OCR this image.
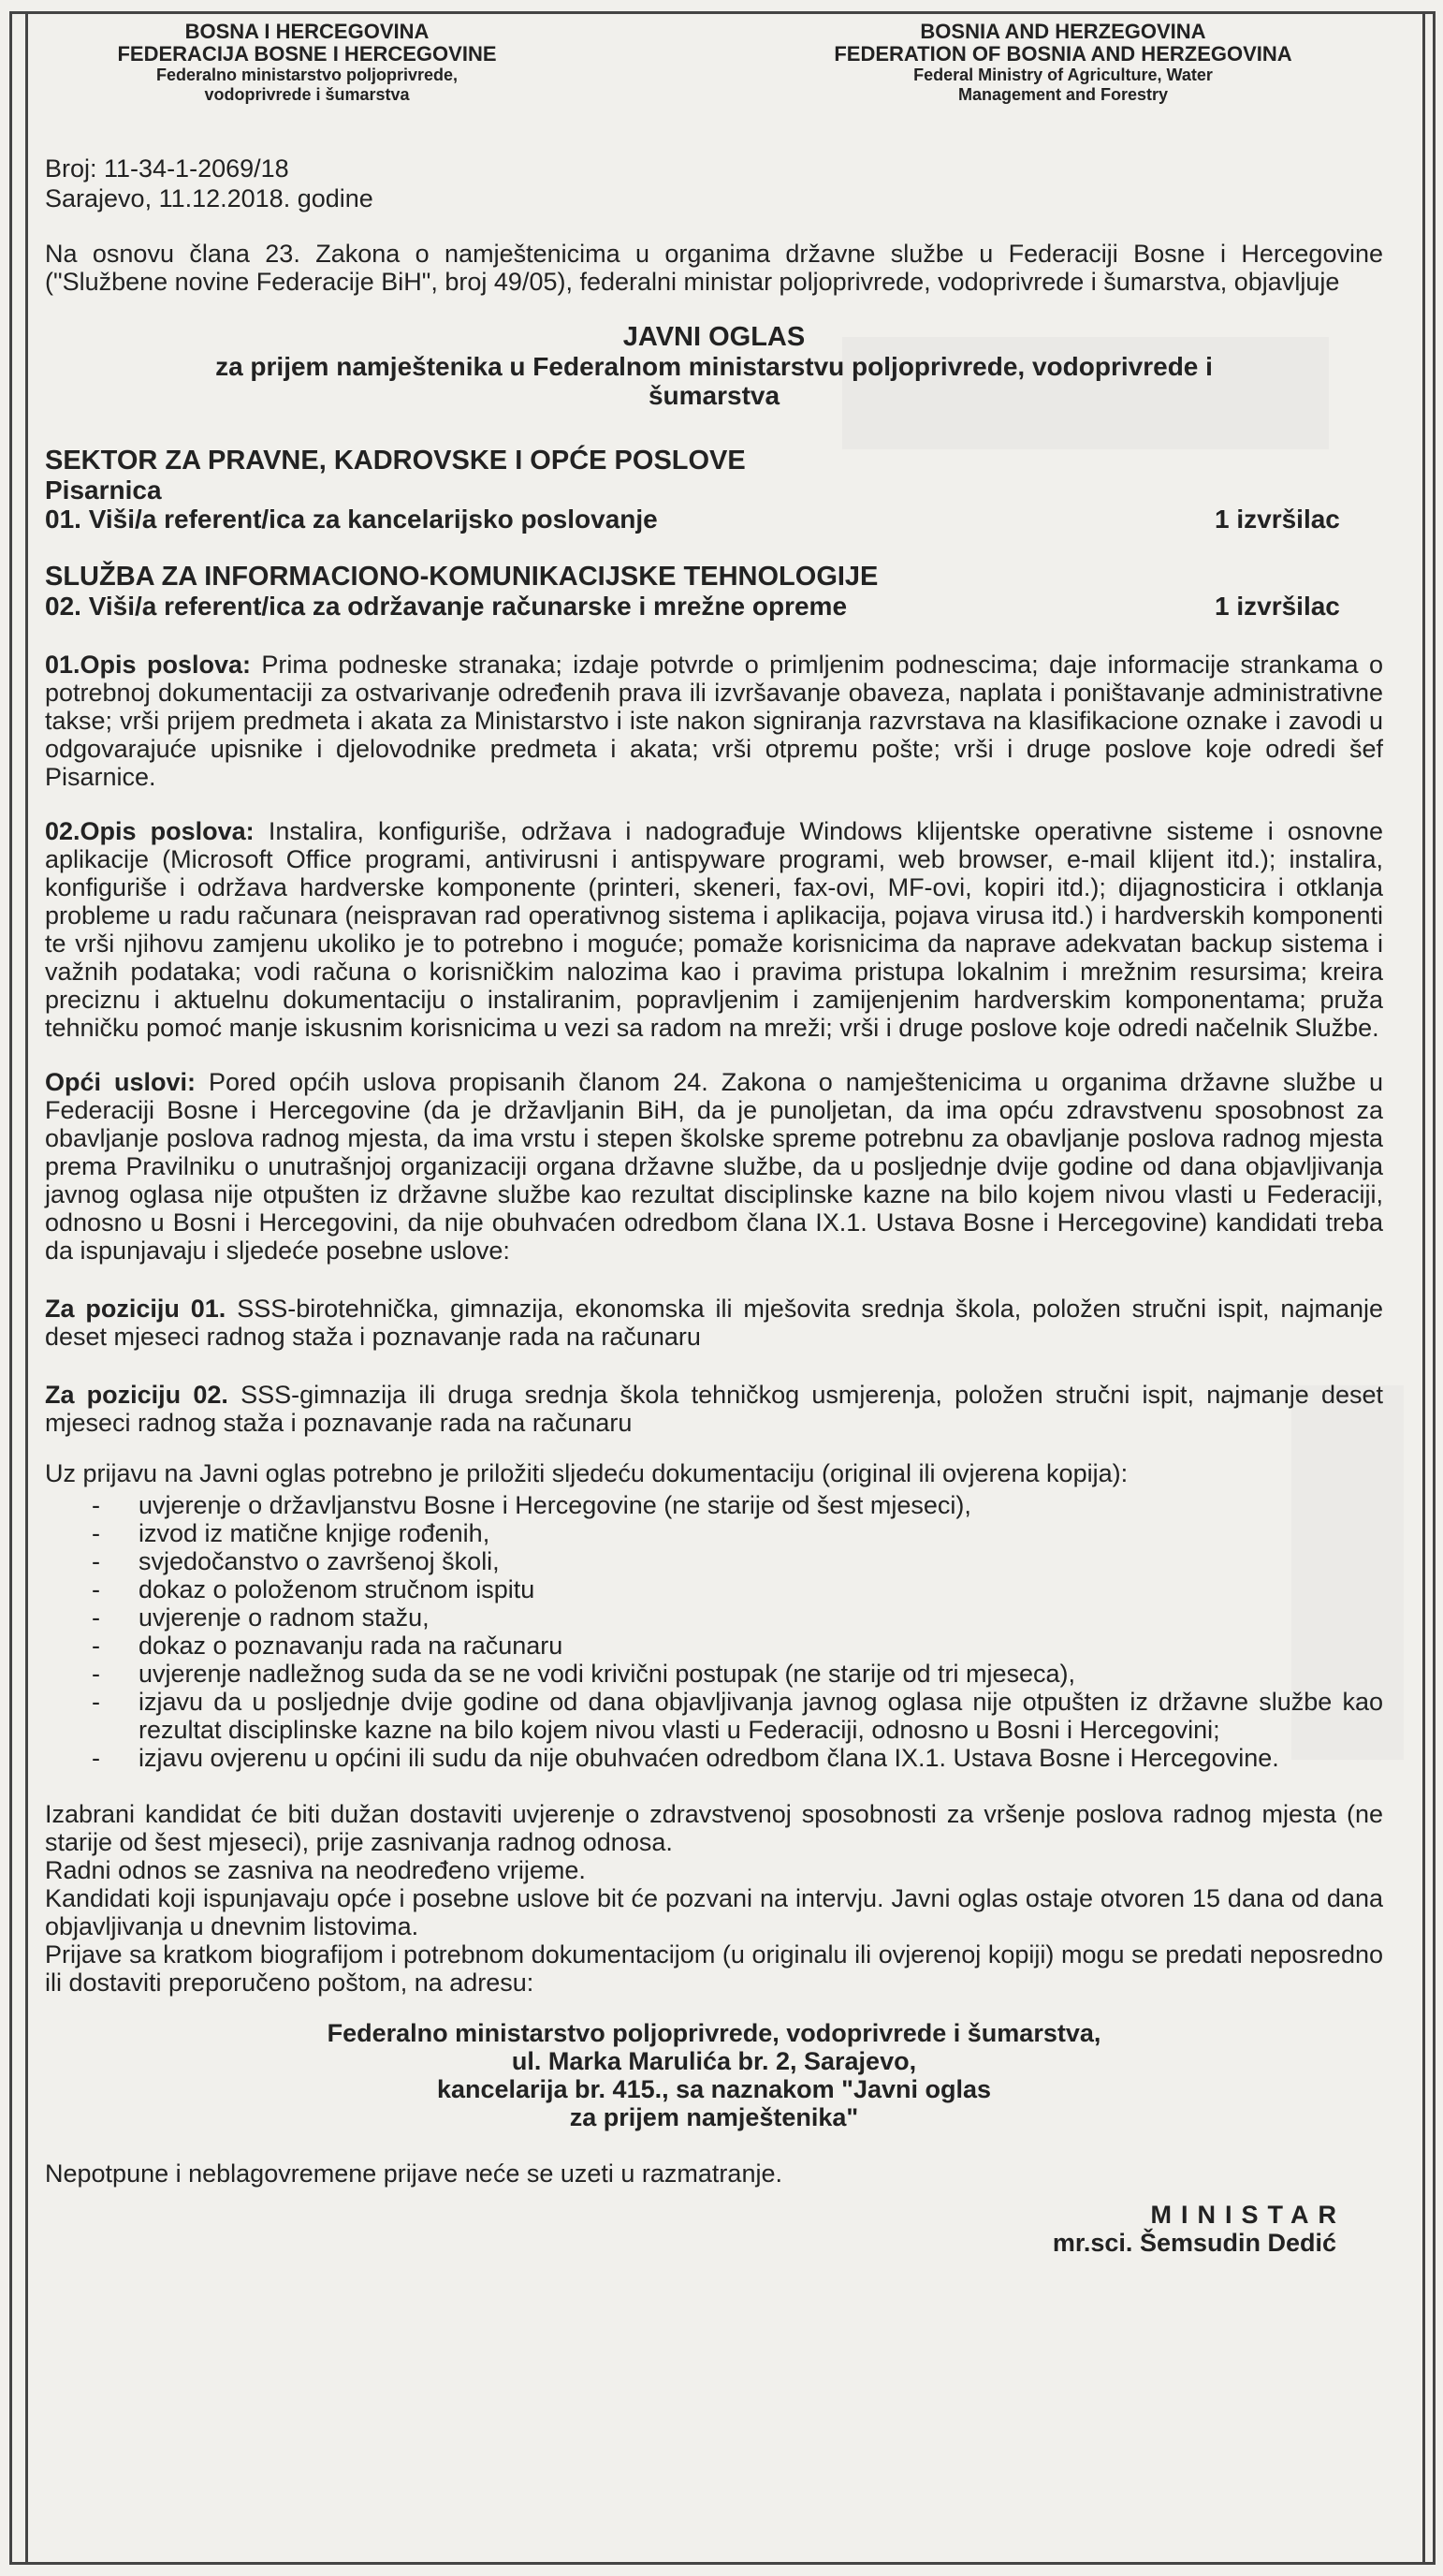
BOSNA I HERCEGOVINA
FEDERACIJA BOSNE I HERCEGOVINE
Federalno ministarstvo poljoprivrede,
vodoprivrede i šumarstva
BOSNIA AND HERZEGOVINA
FEDERATION OF BOSNIA AND HERZEGOVINA
Federal Ministry of Agriculture, Water
Management and Forestry
Broj: 11-34-1-2069/18
Sarajevo, 11.12.2018. godine

Na osnovu člana 23. Zakona o namještenicima u organima državne službe u Federaciji Bosne i Hercegovine ("Službene novine Federacije BiH", broj 49/05), federalni ministar poljoprivrede, vodoprivrede i šumarstva, objavljuje

JAVNI OGLAS
za prijem namještenika u Federalnom ministarstvu poljoprivrede, vodoprivrede i
šumarstva
SEKTOR ZA PRAVNE, KADROVSKE I OPĆE POSLOVE
Pisarnica
01. Viši/a referent/ica za kancelarijsko poslovanje	1 izvršilac
SLUŽBA ZA INFORMACIONO-KOMUNIKACIJSKE TEHNOLOGIJE
02. Viši/a referent/ica za održavanje računarske i mrežne opreme	1 izvršilac

01.Opis poslova: Prima podneske stranaka; izdaje potvrde o primljenim podnescima; daje informacije strankama o potrebnoj dokumentaciji za ostvarivanje određenih prava ili izvršavanje obaveza, naplata i poništavanje administrativne takse; vrši prijem predmeta i akata za Ministarstvo i iste nakon signiranja razvrstava na klasifikacione oznake i zavodi u odgovarajuće upisnike i djelovodnike predmeta i akata; vrši otpremu pošte; vrši i druge poslove koje odredi šef Pisarnice.

02.Opis poslova: Instalira, konfiguriše, održava i nadograđuje Windows klijentske operativne sisteme i osnovne aplikacije (Microsoft Office programi, antivirusni i antispyware programi, web browser, e-mail klijent itd.); instalira, konfiguriše i održava hardverske komponente (printeri, skeneri, fax-ovi, MF-ovi, kopiri itd.); dijagnosticira i otklanja probleme u radu računara (neispravan rad operativnog sistema i aplikacija, pojava virusa itd.) i hardverskih komponenti te vrši njihovu zamjenu ukoliko je to potrebno i moguće; pomaže korisnicima da naprave adekvatan backup sistema i važnih podataka; vodi računa o korisničkim nalozima kao i pravima pristupa lokalnim i mrežnim resursima; kreira preciznu i aktuelnu dokumentaciju o instaliranim, popravljenim i zamijenjenim hardverskim komponentama; pruža tehničku pomoć manje iskusnim korisnicima u vezi sa radom na mreži; vrši i druge poslove koje odredi načelnik Službe.

Opći uslovi: Pored općih uslova propisanih članom 24. Zakona o namještenicima u organima državne službe u Federaciji Bosne i Hercegovine (da je državljanin BiH, da je punoljetan, da ima opću zdravstvenu sposobnost za obavljanje poslova radnog mjesta, da ima vrstu i stepen školske spreme potrebnu za obavljanje poslova radnog mjesta prema Pravilniku o unutrašnjoj organizaciji organa državne službe, da u posljednje dvije godine od dana objavljivanja javnog oglasa nije otpušten iz državne službe kao rezultat disciplinske kazne na bilo kojem nivou vlasti u Federaciji, odnosno u Bosni i Hercegovini, da nije obuhvaćen odredbom člana IX.1. Ustava Bosne i Hercegovine) kandidati treba da ispunjavaju i sljedeće posebne uslove:

Za poziciju 01. SSS-birotehnička, gimnazija, ekonomska ili mješovita srednja škola, položen stručni ispit, najmanje deset mjeseci radnog staža i poznavanje rada na računaru

Za poziciju 02. SSS-gimnazija ili druga srednja škola tehničkog usmjerenja, položen stručni ispit, najmanje deset mjeseci radnog staža i poznavanje rada na računaru

Uz prijavu na Javni oglas potrebno je priložiti sljedeću dokumentaciju (original ili ovjerena kopija):

-	uvjerenje o državljanstvu Bosne i Hercegovine (ne starije od šest mjeseci),
-	izvod iz matične knjige rođenih,
-	svjedočanstvo o završenoj školi,
-	dokaz o položenom stručnom ispitu
-	uvjerenje o radnom stažu,
-	dokaz o poznavanju rada na računaru
-	uvjerenje nadležnog suda da se ne vodi krivični postupak (ne starije od tri mjeseca),
-	izjavu da u posljednje dvije godine od dana objavljivanja javnog oglasa nije otpušten iz državne službe kao rezultat disciplinske kazne na bilo kojem nivou vlasti u Federaciji, odnosno u Bosni i Hercegovini;
-	izjavu ovjerenu u općini ili sudu da nije obuhvaćen odredbom člana IX.1. Ustava Bosne i Hercegovine.

Izabrani kandidat će biti dužan dostaviti uvjerenje o zdravstvenoj sposobnosti za vršenje poslova radnog mjesta (ne starije od šest mjeseci), prije zasnivanja radnog odnosa.

Radni odnos se zasniva na neodređeno vrijeme.

Kandidati koji ispunjavaju opće i posebne uslove bit će pozvani na intervju. Javni oglas ostaje otvoren 15 dana od dana objavljivanja u dnevnim listovima.

Prijave sa kratkom biografijom i potrebnom dokumentacijom (u originalu ili ovjerenoj kopiji) mogu se predati neposredno ili dostaviti preporučeno poštom, na adresu:

Federalno ministarstvo poljoprivrede, vodoprivrede i šumarstva,
ul. Marka Marulića br. 2, Sarajevo,
kancelarija br. 415., sa naznakom "Javni oglas
za prijem namještenika"

Nepotpune i neblagovremene prijave neće se uzeti u razmatranje.

MINISTAR
mr.sci. Šemsudin Dedić
